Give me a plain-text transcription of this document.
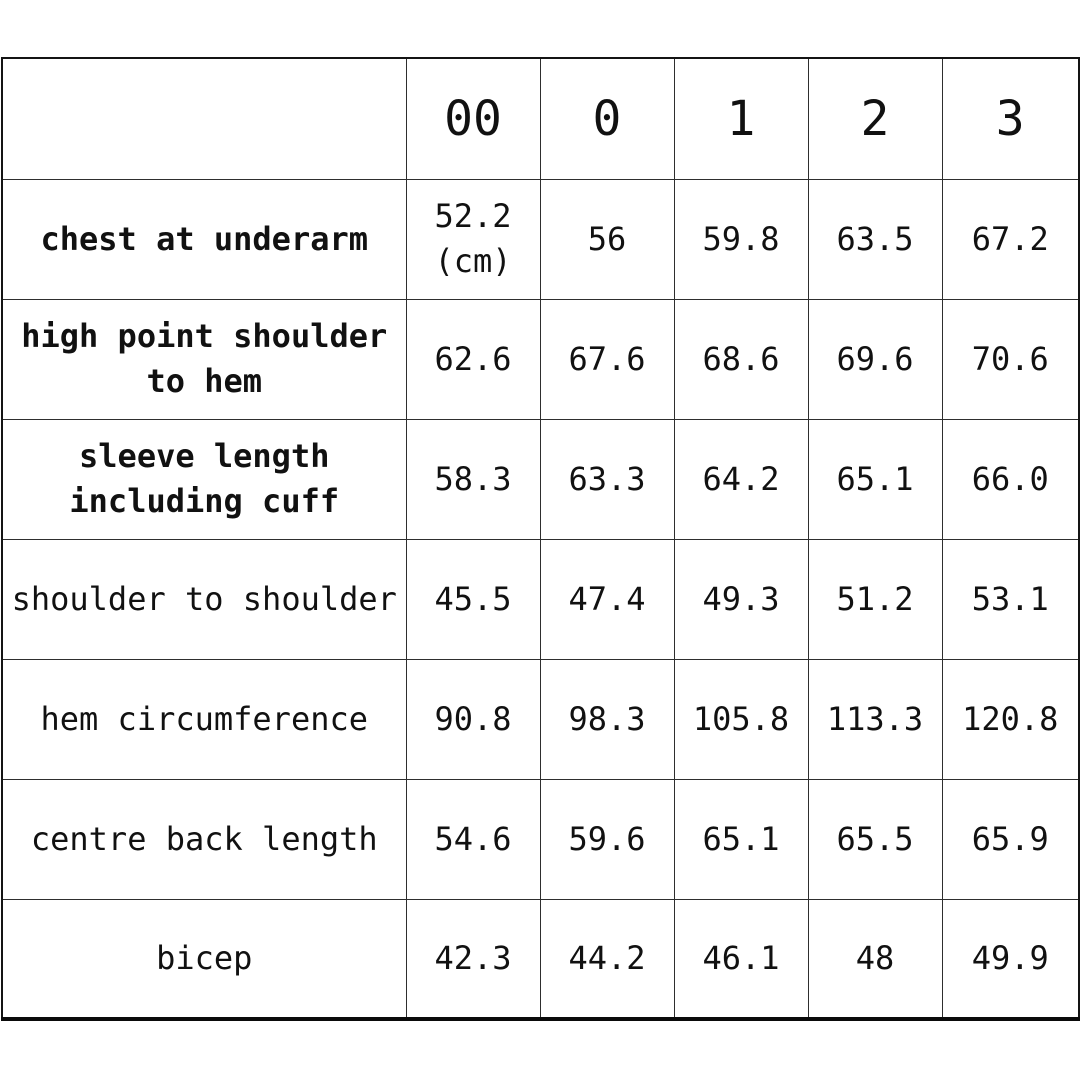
	00	0	1	2	3
chest at underarm	52.2 (cm)	56	59.8	63.5	67.2
high point shoulder to hem	62.6	67.6	68.6	69.6	70.6
sleeve length including cuff	58.3	63.3	64.2	65.1	66.0
shoulder to shoulder	45.5	47.4	49.3	51.2	53.1
hem circumference	90.8	98.3	105.8	113.3	120.8
centre back length	54.6	59.6	65.1	65.5	65.9
bicep	42.3	44.2	46.1	48	49.9
